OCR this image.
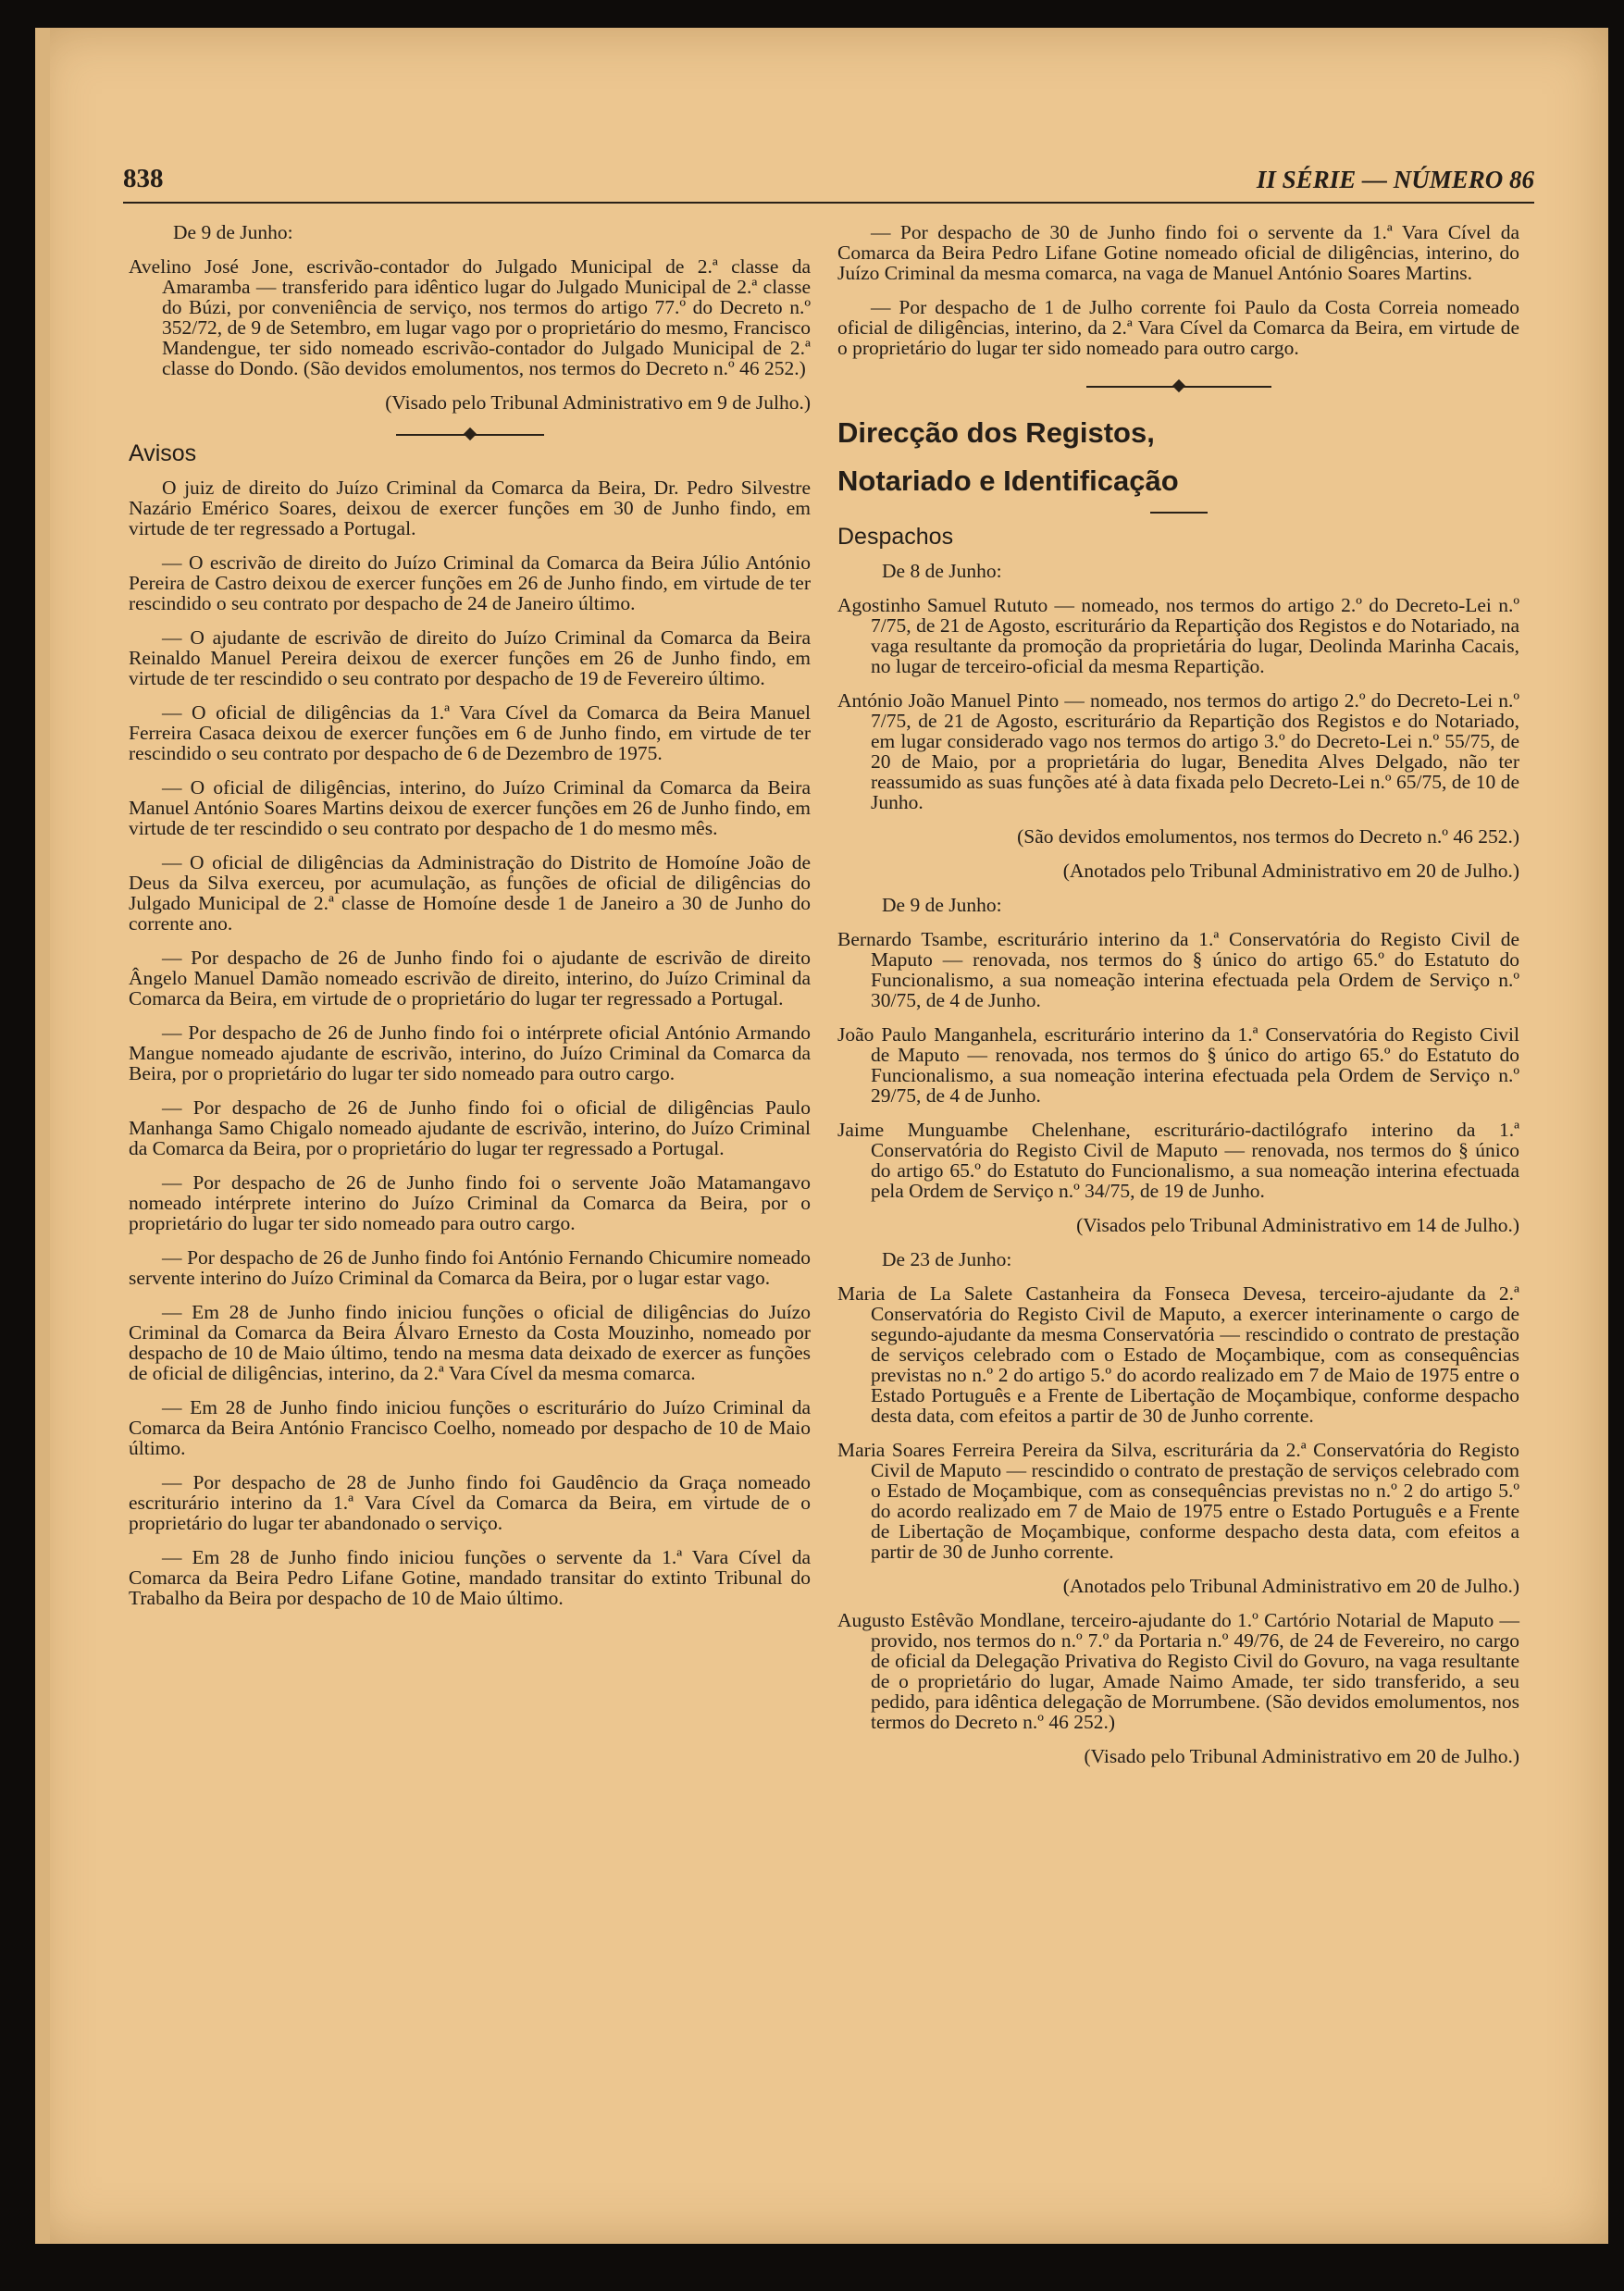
838	II SÉRIE — NÚMERO 86

De 9 de Junho:

Avelino José Jone, escrivão-contador do Julgado Municipal de 2.ª classe da Amaramba — transferido para idêntico lugar do Julgado Municipal de 2.ª classe do Búzi, por conveniência de serviço, nos termos do artigo 77.º do Decreto n.º 352/72, de 9 de Setembro, em lugar vago por o proprietário do mesmo, Francisco Mandengue, ter sido nomeado escrivão-contador do Julgado Municipal de 2.ª classe do Dondo. (São devidos emolumentos, nos termos do Decreto n.º 46 252.)

(Visado pelo Tribunal Administrativo em 9 de Julho.)

Avisos

O juiz de direito do Juízo Criminal da Comarca da Beira, Dr. Pedro Silvestre Nazário Emérico Soares, deixou de exercer funções em 30 de Junho findo, em virtude de ter regressado a Portugal.

— O escrivão de direito do Juízo Criminal da Comarca da Beira Júlio António Pereira de Castro deixou de exercer funções em 26 de Junho findo, em virtude de ter rescindido o seu contrato por despacho de 24 de Janeiro último.

— O ajudante de escrivão de direito do Juízo Criminal da Comarca da Beira Reinaldo Manuel Pereira deixou de exercer funções em 26 de Junho findo, em virtude de ter rescindido o seu contrato por despacho de 19 de Fevereiro último.

— O oficial de diligências da 1.ª Vara Cível da Comarca da Beira Manuel Ferreira Casaca deixou de exercer funções em 6 de Junho findo, em virtude de ter rescindido o seu contrato por despacho de 6 de Dezembro de 1975.

— O oficial de diligências, interino, do Juízo Criminal da Comarca da Beira Manuel António Soares Martins deixou de exercer funções em 26 de Junho findo, em virtude de ter rescindido o seu contrato por despacho de 1 do mesmo mês.

— O oficial de diligências da Administração do Distrito de Homoíne João de Deus da Silva exerceu, por acumulação, as funções de oficial de diligências do Julgado Municipal de 2.ª classe de Homoíne desde 1 de Janeiro a 30 de Junho do corrente ano.

— Por despacho de 26 de Junho findo foi o ajudante de escrivão de direito Ângelo Manuel Damão nomeado escrivão de direito, interino, do Juízo Criminal da Comarca da Beira, em virtude de o proprietário do lugar ter regressado a Portugal.

— Por despacho de 26 de Junho findo foi o intérprete oficial António Armando Mangue nomeado ajudante de escrivão, interino, do Juízo Criminal da Comarca da Beira, por o proprietário do lugar ter sido nomeado para outro cargo.

— Por despacho de 26 de Junho findo foi o oficial de diligências Paulo Manhanga Samo Chigalo nomeado ajudante de escrivão, interino, do Juízo Criminal da Comarca da Beira, por o proprietário do lugar ter regressado a Portugal.

— Por despacho de 26 de Junho findo foi o servente João Matamangavo nomeado intérprete interino do Juízo Criminal da Comarca da Beira, por o proprietário do lugar ter sido nomeado para outro cargo.

— Por despacho de 26 de Junho findo foi António Fernando Chicumire nomeado servente interino do Juízo Criminal da Comarca da Beira, por o lugar estar vago.

— Em 28 de Junho findo iniciou funções o oficial de diligências do Juízo Criminal da Comarca da Beira Álvaro Ernesto da Costa Mouzinho, nomeado por despacho de 10 de Maio último, tendo na mesma data deixado de exercer as funções de oficial de diligências, interino, da 2.ª Vara Cível da mesma comarca.

— Em 28 de Junho findo iniciou funções o escriturário do Juízo Criminal da Comarca da Beira António Francisco Coelho, nomeado por despacho de 10 de Maio último.

— Por despacho de 28 de Junho findo foi Gaudêncio da Graça nomeado escriturário interino da 1.ª Vara Cível da Comarca da Beira, em virtude de o proprietário do lugar ter abandonado o serviço.

— Em 28 de Junho findo iniciou funções o servente da 1.ª Vara Cível da Comarca da Beira Pedro Lifane Gotine, mandado transitar do extinto Tribunal do Trabalho da Beira por despacho de 10 de Maio último.

— Por despacho de 30 de Junho findo foi o servente da 1.ª Vara Cível da Comarca da Beira Pedro Lifane Gotine nomeado oficial de diligências, interino, do Juízo Criminal da mesma comarca, na vaga de Manuel António Soares Martins.

— Por despacho de 1 de Julho corrente foi Paulo da Costa Correia nomeado oficial de diligências, interino, da 2.ª Vara Cível da Comarca da Beira, em virtude de o proprietário do lugar ter sido nomeado para outro cargo.

Direcção dos Registos,

Notariado e Identificação

Despachos

De 8 de Junho:

Agostinho Samuel Rututo — nomeado, nos termos do artigo 2.º do Decreto-Lei n.º 7/75, de 21 de Agosto, escriturário da Repartição dos Registos e do Notariado, na vaga resultante da promoção da proprietária do lugar, Deolinda Marinha Cacais, no lugar de terceiro-oficial da mesma Repartição.

António João Manuel Pinto — nomeado, nos termos do artigo 2.º do Decreto-Lei n.º 7/75, de 21 de Agosto, escriturário da Repartição dos Registos e do Notariado, em lugar considerado vago nos termos do artigo 3.º do Decreto-Lei n.º 55/75, de 20 de Maio, por a proprietária do lugar, Benedita Alves Delgado, não ter reassumido as suas funções até à data fixada pelo Decreto-Lei n.º 65/75, de 10 de Junho.

(São devidos emolumentos, nos termos do Decreto n.º 46 252.)

(Anotados pelo Tribunal Administrativo em 20 de Julho.)

De 9 de Junho:

Bernardo Tsambe, escriturário interino da 1.ª Conservatória do Registo Civil de Maputo — renovada, nos termos do § único do artigo 65.º do Estatuto do Funcionalismo, a sua nomeação interina efectuada pela Ordem de Serviço n.º 30/75, de 4 de Junho.

João Paulo Manganhela, escriturário interino da 1.ª Conservatória do Registo Civil de Maputo — renovada, nos termos do § único do artigo 65.º do Estatuto do Funcionalismo, a sua nomeação interina efectuada pela Ordem de Serviço n.º 29/75, de 4 de Junho.

Jaime Munguambe Chelenhane, escriturário-dactilógrafo interino da 1.ª Conservatória do Registo Civil de Maputo — renovada, nos termos do § único do artigo 65.º do Estatuto do Funcionalismo, a sua nomeação interina efectuada pela Ordem de Serviço n.º 34/75, de 19 de Junho.

(Visados pelo Tribunal Administrativo em 14 de Julho.)

De 23 de Junho:

Maria de La Salete Castanheira da Fonseca Devesa, terceiro-ajudante da 2.ª Conservatória do Registo Civil de Maputo, a exercer interinamente o cargo de segundo-ajudante da mesma Conservatória — rescindido o contrato de prestação de serviços celebrado com o Estado de Moçambique, com as consequências previstas no n.º 2 do artigo 5.º do acordo realizado em 7 de Maio de 1975 entre o Estado Português e a Frente de Libertação de Moçambique, conforme despacho desta data, com efeitos a partir de 30 de Junho corrente.

Maria Soares Ferreira Pereira da Silva, escriturária da 2.ª Conservatória do Registo Civil de Maputo — rescindido o contrato de prestação de serviços celebrado com o Estado de Moçambique, com as consequências previstas no n.º 2 do artigo 5.º do acordo realizado em 7 de Maio de 1975 entre o Estado Português e a Frente de Libertação de Moçambique, conforme despacho desta data, com efeitos a partir de 30 de Junho corrente.

(Anotados pelo Tribunal Administrativo em 20 de Julho.)

Augusto Estêvão Mondlane, terceiro-ajudante do 1.º Cartório Notarial de Maputo — provido, nos termos do n.º 7.º da Portaria n.º 49/76, de 24 de Fevereiro, no cargo de oficial da Delegação Privativa do Registo Civil do Govuro, na vaga resultante de o proprietário do lugar, Amade Naimo Amade, ter sido transferido, a seu pedido, para idêntica delegação de Morrumbene. (São devidos emolumentos, nos termos do Decreto n.º 46 252.)

(Visado pelo Tribunal Administrativo em 20 de Julho.)
